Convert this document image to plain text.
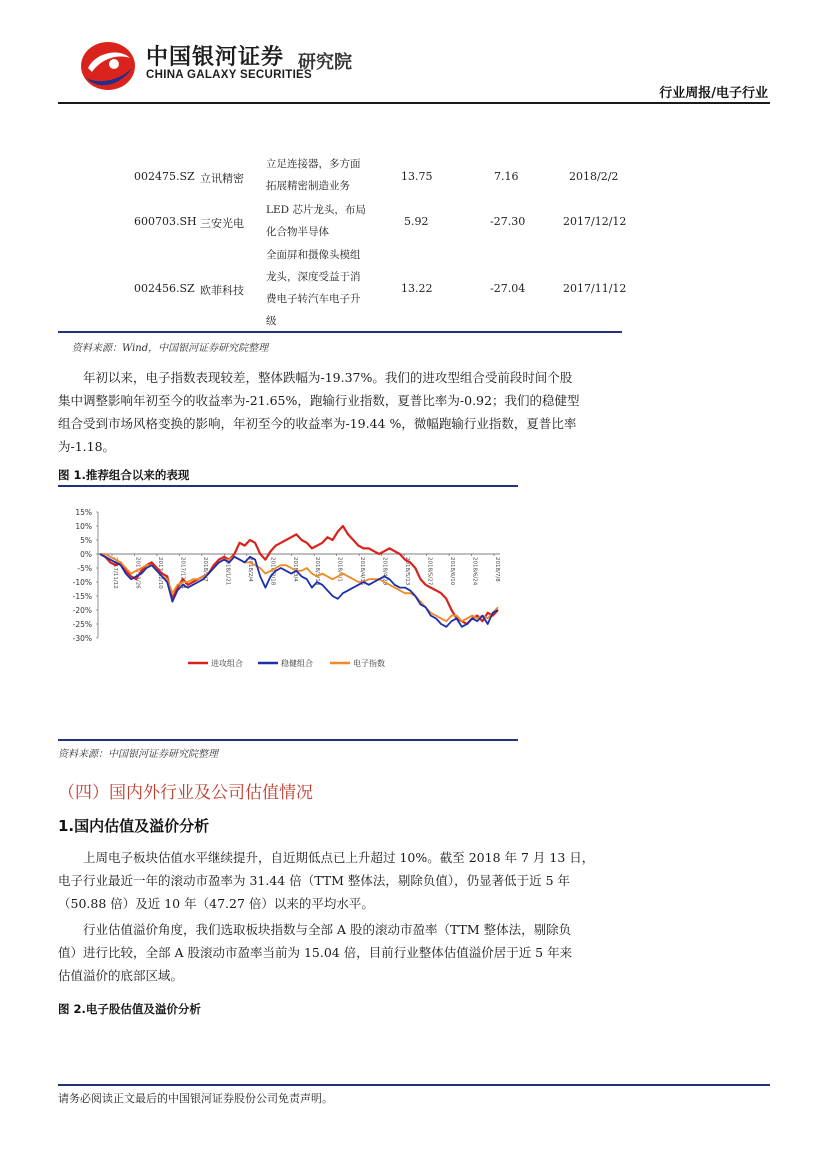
中国银河证券 研究院
CHINA GALAXY SECURITIES
行业周报/电子行业
002475.SZ 立讯精密
立足连接器，多方面
拓展精密制造业务
13.75	7.16	2018/2/2
600703.SH 三安光电
LED 芯片龙头，布局
化合物半导体
5.92	-27.30	2017/12/12
002456.SZ 欧菲科技
全面屏和摄像头模组
龙头，深度受益于消
费电子转汽车电子升
级
13.22	-27.04	2017/11/12
资料来源：Wind，中国银河证券研究院整理
年初以来，电子指数表现较差，整体跌幅为-19.37%。我们的进攻型组合受前段时间个股
集中调整影响年初至今的收益率为-21.65%，跑输行业指数，夏普比率为-0.92；我们的稳健型
组合受到市场风格变换的影响，年初至今的收益率为-19.44 %，微幅跑输行业指数，夏普比率
为-1.18。
图 1.推荐组合以来的表现
15%
10%
5%
0%
-5%
-10%
-15%
-20%
-25%
-30%
2017/11/12	2017/11/26	2017/12/10	2017/12/24	2018/1/7	2018/1/21	2018/2/4	2018/2/18	2018/3/4	2018/3/18	2018/4/1	2018/4/15	2018/4/29	2018/5/13	2018/5/27	2018/6/10	2018/6/24	2018/7/8
进攻组合	稳健组合	电子指数
资料来源：中国银河证券研究院整理
（四）国内外行业及公司估值情况
1.国内估值及溢价分析
上周电子板块估值水平继续提升，自近期低点已上升超过 10%。截至 2018 年 7 月 13 日，
电子行业最近一年的滚动市盈率为 31.44 倍（TTM 整体法，剔除负值），仍显著低于近 5 年
（50.88 倍）及近 10 年（47.27 倍）以来的平均水平。
行业估值溢价角度，我们选取板块指数与全部 A 股的滚动市盈率（TTM 整体法，剔除负
值）进行比较，全部 A 股滚动市盈率当前为 15.04 倍，目前行业整体估值溢价居于近 5 年来
估值溢价的底部区域。
图 2.电子股估值及溢价分析
请务必阅读正文最后的中国银河证券股份公司免责声明。
